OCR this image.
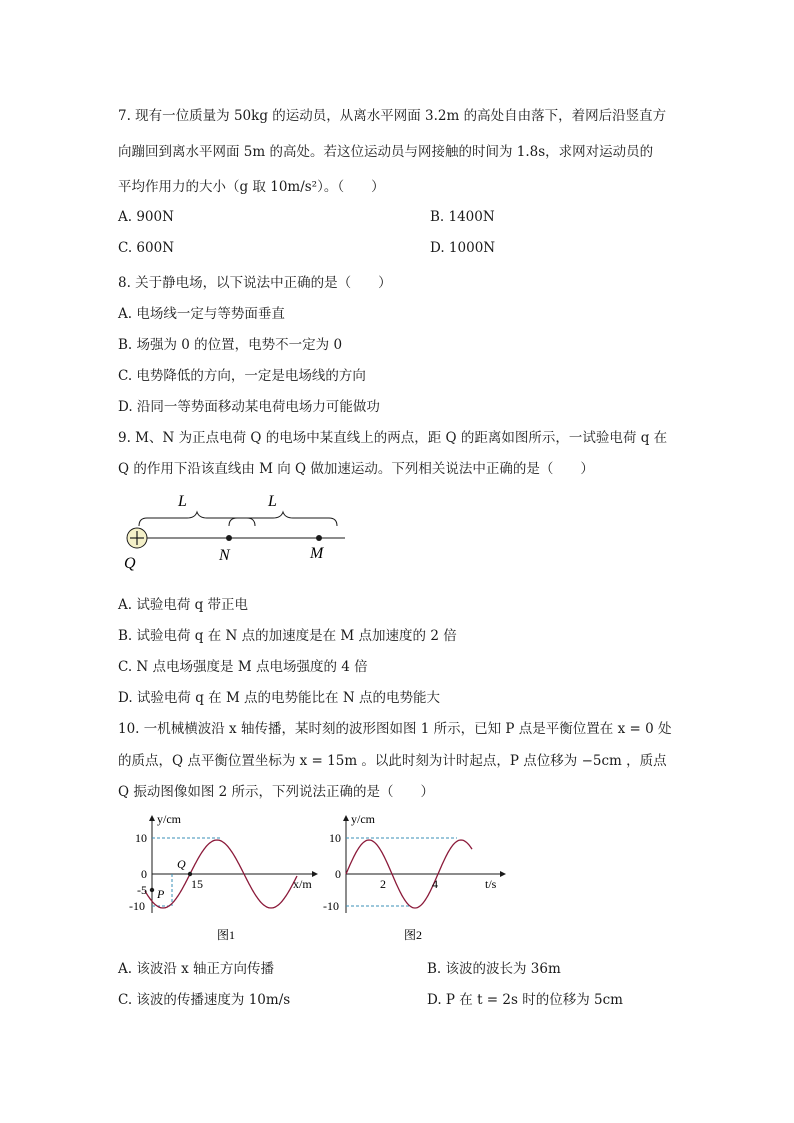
7. 现有一位质量为 50kg 的运动员，从离水平网面 3.2m 的高处自由落下，着网后沿竖直方
向蹦回到离水平网面 5m 的高处。若这位运动员与网接触的时间为 1.8s，求网对运动员的
平均作用力的大小（g 取 10m/s²）。（　　）
A. 900N	B. 1400N
C. 600N	D. 1000N
8. 关于静电场，以下说法中正确的是（　　）
A. 电场线一定与等势面垂直
B. 场强为 0 的位置，电势不一定为 0
C. 电势降低的方向，一定是电场线的方向
D. 沿同一等势面移动某电荷电场力可能做功
9. M、N 为正点电荷 Q 的电场中某直线上的两点，距 Q 的距离如图所示，一试验电荷 q 在
Q 的作用下沿该直线由 M 向 Q 做加速运动。下列相关说法中正确的是（　　）
L	L
Q	N	M
A. 试验电荷 q 带正电
B. 试验电荷 q 在 N 点的加速度是在 M 点加速度的 2 倍
C. N 点电场强度是 M 点电场强度的 4 倍
D. 试验电荷 q 在 M 点的电势能比在 N 点的电势能大
10. 一机械横波沿 x 轴传播，某时刻的波形图如图 1 所示，已知 P 点是平衡位置在 x = 0 处
的质点，Q 点平衡位置坐标为 x = 15m 。以此时刻为计时起点，P 点位移为 −5cm ，质点
Q 振动图像如图 2 所示，下列说法正确的是（　　）
y/cm
x/m
10
0
-5
-10
15
P
Q
图1
y/cm
t/s
10
0
-10
2	4
图2
A. 该波沿 x 轴正方向传播	B. 该波的波长为 36m
C. 该波的传播速度为 10m/s	D. P 在 t = 2s 时的位移为 5cm
